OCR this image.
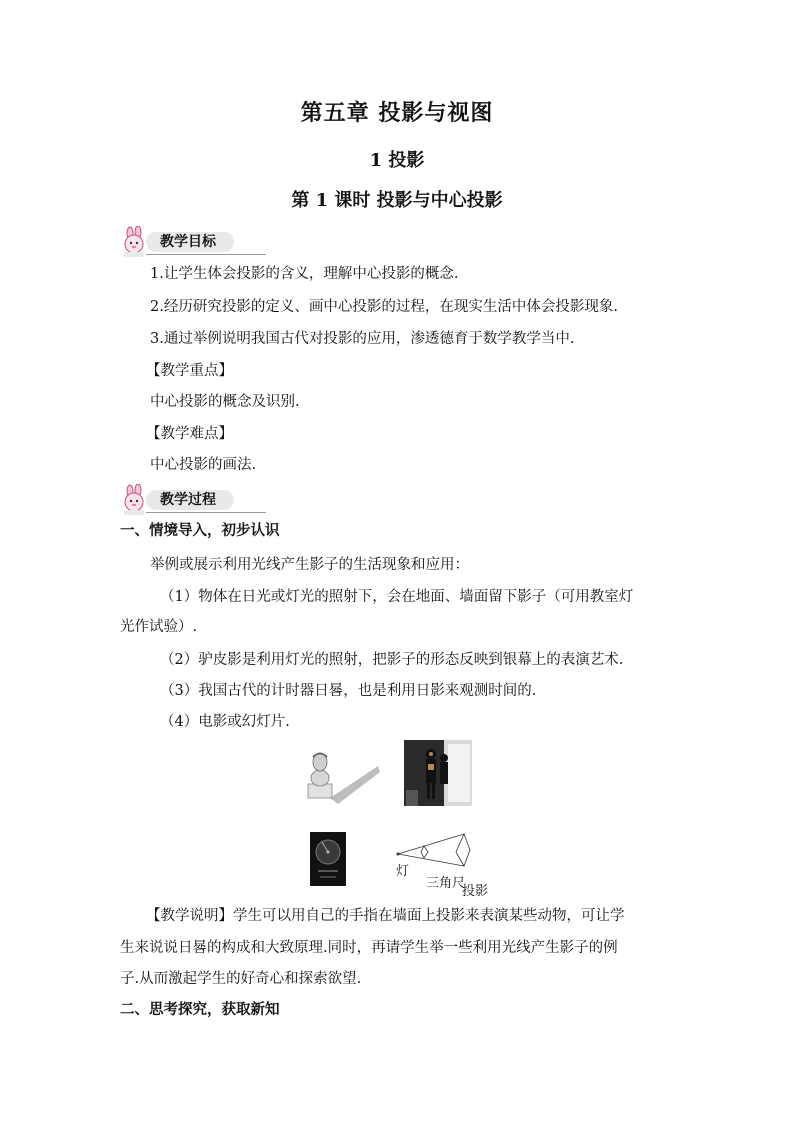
第五章 投影与视图
1 投影
第 1 课时 投影与中心投影
教学目标
1.让学生体会投影的含义，理解中心投影的概念.
2.经历研究投影的定义、画中心投影的过程，在现实生活中体会投影现象.
3.通过举例说明我国古代对投影的应用，渗透德育于数学教学当中.
【教学重点】
中心投影的概念及识别.
【教学难点】
中心投影的画法.
教学过程
一、情境导入，初步认识
举例或展示利用光线产生影子的生活现象和应用：
（1）物体在日光或灯光的照射下，会在地面、墙面留下影子（可用教室灯
光作试验）.
（2）驴皮影是利用灯光的照射，把影子的形态反映到银幕上的表演艺术.
（3）我国古代的计时器日晷，也是利用日影来观测时间的.
（4）电影或幻灯片.
灯
三角尺
投影
【教学说明】学生可以用自己的手指在墙面上投影来表演某些动物，可让学
生来说说日晷的构成和大致原理.同时，再请学生举一些利用光线产生影子的例
子.从而激起学生的好奇心和探索欲望.
二、思考探究，获取新知
